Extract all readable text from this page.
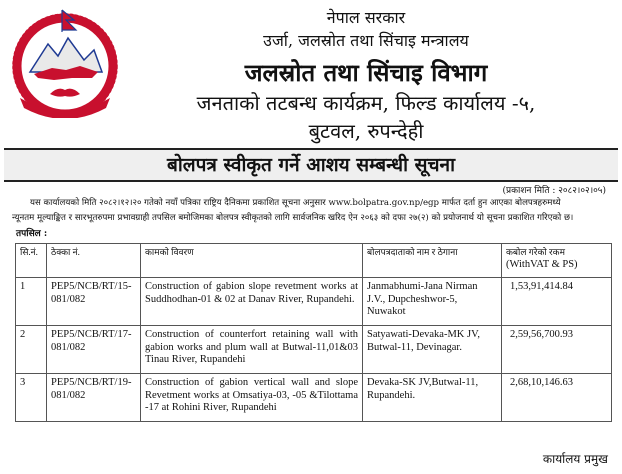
नेपाल सरकार
उर्जा, जलस्रोत तथा सिंचाइ मन्त्रालय
जलस्रोत तथा सिंचाइ विभाग
जनताको तटबन्ध कार्यक्रम, फिल्ड कार्यालय -५,
बुटवल, रुपन्देही
बोलपत्र स्वीकृत गर्ने आशय सम्बन्धी सूचना
(प्रकाशन मिति : २०८२।०२।०५)
यस कार्यालयको मिति २०८२।१२।२० गतेको नयाँ पत्रिका राष्ट्रिय दैनिकमा प्रकाशित सूचना अनुसार www.bolpatra.gov.np/egp मार्फत दर्ता हुन आएका बोलपत्रहरुमध्ये
न्यूनतम मूल्याङ्कित र सारभूतरुपमा प्रभावग्राही तपसिल बमोजिमका बोलपत्र स्वीकृतको लागि सार्वजनिक खरिद ऐन २०६३ को दफा २७(२) को प्रयोजनार्थ यो सूचना प्रकाशित गरिएको छ।
तपसिल :
सि.नं.	ठेक्का नं.	कामको विवरण	बोलपत्रदाताको नाम र ठेगाना	कबोल गरेको रकम
(WithVAT & PS)

1	PEP5/NCB/RT/15-081/082	Construction of gabion slope revetment works at Suddhodhan-01 & 02 at Danav River, Rupandehi.	Janmabhumi-Jana Nirman J.V., Dupcheshwor-5, Nuwakot	1,53,91,414.84
2	PEP5/NCB/RT/17-081/082	Construction of counterfort retaining wall with gabion works and plum wall at Butwal-11,01&03 Tinau River, Rupandehi	Satyawati-Devaka-MK JV, Butwal-11, Devinagar.	2,59,56,700.93
3	PEP5/NCB/RT/19-081/082	Construction of gabion vertical wall and slope Revetment works at Omsatiya-03, -05 &Tilottama -17 at Rohini River, Rupandehi	Devaka-SK JV,Butwal-11, Rupandehi.	2,68,10,146.63
कार्यालय प्रमुख
